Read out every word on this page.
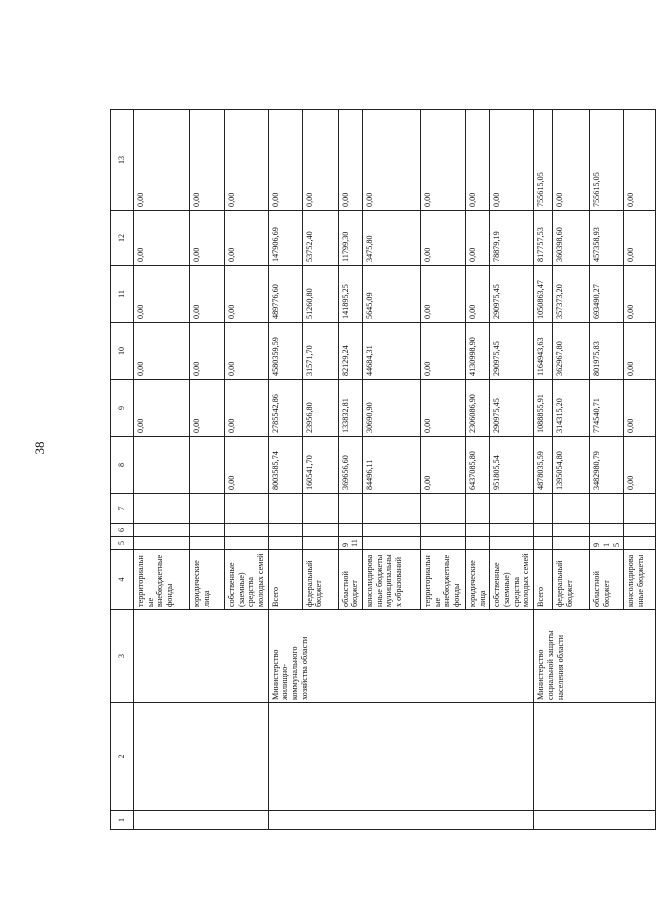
38
1	2	3	4	5	6	7	8	9	10	11	12	13
			территориальные внебюджетные фонды					0,00	0,00	0,00	0,00	0,00
			юридические лица					0,00	0,00	0,00	0,00	0,00
			собственные (заемные) средства молодых семей				0,00	0,00	0,00	0,00	0,00	0,00
		Министерство жилищно-коммунального хозяйства области	Всего				8003585,74	2785542,86	4580359,59	489776,60	147906,69	0,00
			федеральный бюджет				160541,70	23956,80	31571,70	51260,80	53752,40	0,00
			областной бюджет	911			369656,60	133832,81	82129,24	141895,25	11799,30	0,00
			консолидированные бюджеты муниципальных образований				84496,11	30690,90	44684,31	5645,09	3475,80	0,00
			территориальные внебюджетные фонды				0,00	0,00	0,00	0,00	0,00	0,00
			юридические лица				6437085,80	2306086,90	4130998,90	0,00	0,00	0,00
			собственные (заемные) средства молодых семей				951805,54	290975,45	290975,45	290975,45	78879,19	0,00
		Министерство социальной защиты населения области	Всего				4878035,59	1088855,91	1164943,63	1050863,47	817757,53	755615,05
			федеральный бюджет				1395054,80	314315,20	362967,80	357373,20	360398,60	0,00
			областной бюджет	915			3482980,79	774540,71	801975,83	693490,27	457358,93	755615,05
			консолидированные бюджеты				0,00	0,00	0,00	0,00	0,00	0,00
